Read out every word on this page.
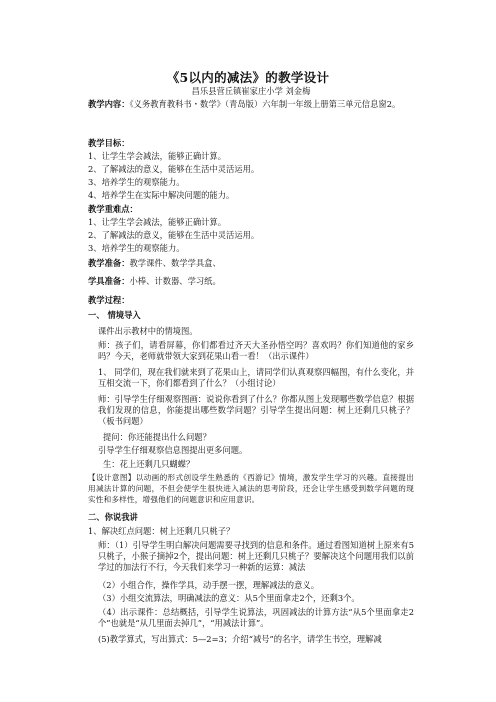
《5以内的减法》的教学设计
昌乐县营丘镇崔家庄小学 刘金梅
教学内容：《义务教育教科书・数学》（青岛版）六年制一年级上册第三单元信息窗2。
教学目标：
1、让学生学会减法，能够正确计算。
2、了解减法的意义，能够在生活中灵活运用。
3、培养学生的观察能力。
4、培养学生在实际中解决问题的能力。
教学重难点：
1、让学生学会减法，能够正确计算。
2、了解减法的意义，能够在生活中灵活运用。
3、培养学生的观察能力。
教学准备：教学课件、数学学具盒、
学具准备：小棒、计数器、学习纸。
教学过程：
一、 情境导入
课件出示教材中的情境图。
师：孩子们，请看屏幕，你们都看过齐天大圣孙悟空吗？喜欢吗？你们知道他的家乡吗？今天，老师就带领大家到花果山看一看！（出示课件）
1、 同学们，现在我们就来到了花果山上，请同学们认真观察四幅图，有什么变化，并互相交流一下，你们都看到了什么？（小组讨论）
师：引导学生仔细观察图画：说说你看到了什么？你都从图上发现哪些数学信息？根据我们发现的信息，你能提出哪些数学问题？引导学生提出问题：树上还剩几只桃子？（板书问题）
提问：你还能提出什么问题？
引导学生仔细观察信息图提出更多问题。
生：花上还剩几只蝴蝶？
【设计意图】以动画的形式创设学生熟悉的《西游记》情境，激发学生学习的兴趣。直接提出用减法计算的问题，不但会使学生很快进入减法的思考阶段，还会让学生感受到数学问题的现实性和多样性，增强他们的问题意识和应用意识。
二、你说我讲
1、解决红点问题：树上还剩几只桃子？
师：（1）引导学生明白解决问题需要寻找到的信息和条件。通过看图知道树上原来有5只桃子，小猴子摘掉2个，提出问题：树上还剩几只桃子？要解决这个问题用我们以前学过的加法行不行，今天我们来学习一种新的运算：减法
（2）小组合作，操作学具，动手摆一摆，理解减法的意义。
（3）小组交流算法，明确减法的意义：从5个里面拿走2个，还剩3个。
（4）出示课件：总结概括，引导学生说算法，巩固减法的计算方法“从5个里面拿走2个”也就是“从几里面去掉几”，“用减法计算”。
(5)教学算式，写出算式：5—2=3；介绍“减号”的名字，请学生书空，理解减
